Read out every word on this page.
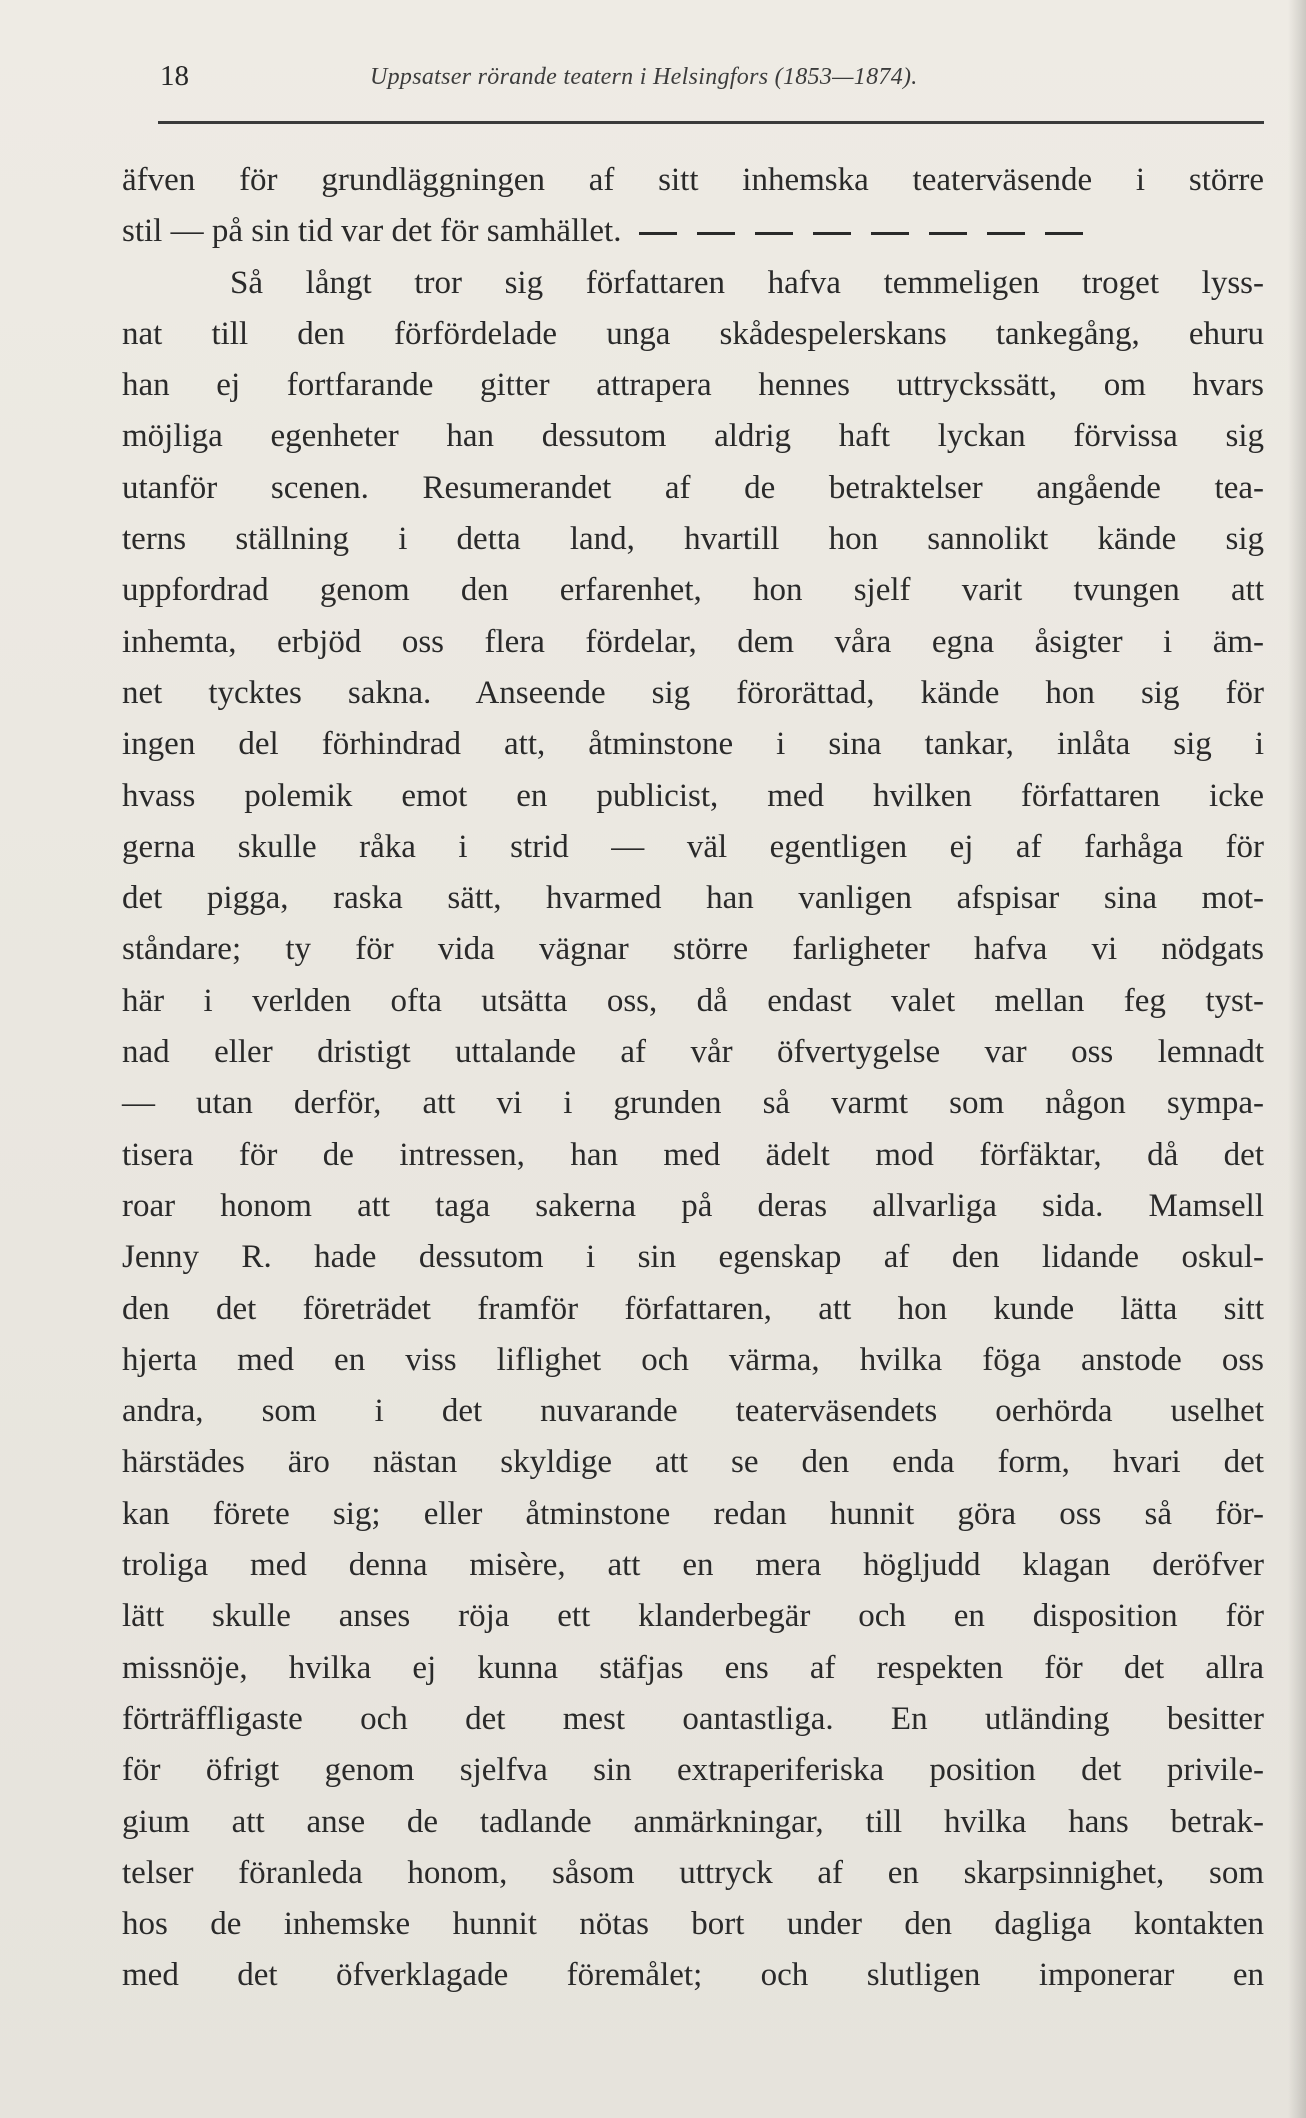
18	Uppsatser rörande teatern i Helsingfors (1853—1874).
äfven för grundläggningen af sitt inhemska teaterväsende i större
stil — på sin tid var det för samhället.
Så långt tror sig författaren hafva temmeligen troget lyss-
nat till den förfördelade unga skådespelerskans tankegång, ehuru
han ej fortfarande gitter attrapera hennes uttryckssätt, om hvars
möjliga egenheter han dessutom aldrig haft lyckan förvissa sig
utanför scenen. Resumerandet af de betraktelser angående tea-
terns ställning i detta land, hvartill hon sannolikt kände sig
uppfordrad genom den erfarenhet, hon sjelf varit tvungen att
inhemta, erbjöd oss flera fördelar, dem våra egna åsigter i äm-
net tycktes sakna. Anseende sig förorättad, kände hon sig för
ingen del förhindrad att, åtminstone i sina tankar, inlåta sig i
hvass polemik emot en publicist, med hvilken författaren icke
gerna skulle råka i strid — väl egentligen ej af farhåga för
det pigga, raska sätt, hvarmed han vanligen afspisar sina mot-
ståndare; ty för vida vägnar större farligheter hafva vi nödgats
här i verlden ofta utsätta oss, då endast valet mellan feg tyst-
nad eller dristigt uttalande af vår öfvertygelse var oss lemnadt
— utan derför, att vi i grunden så varmt som någon sympa-
tisera för de intressen, han med ädelt mod förfäktar, då det
roar honom att taga sakerna på deras allvarliga sida. Mamsell
Jenny R. hade dessutom i sin egenskap af den lidande oskul-
den det företrädet framför författaren, att hon kunde lätta sitt
hjerta med en viss liflighet och värma, hvilka föga anstode oss
andra, som i det nuvarande teaterväsendets oerhörda uselhet
härstädes äro nästan skyldige att se den enda form, hvari det
kan förete sig; eller åtminstone redan hunnit göra oss så för-
troliga med denna misère, att en mera högljudd klagan deröfver
lätt skulle anses röja ett klanderbegär och en disposition för
missnöje, hvilka ej kunna stäfjas ens af respekten för det allra
förträffligaste och det mest oantastliga. En utländing besitter
för öfrigt genom sjelfva sin extraperiferiska position det privile-
gium att anse de tadlande anmärkningar, till hvilka hans betrak-
telser föranleda honom, såsom uttryck af en skarpsinnighet, som
hos de inhemske hunnit nötas bort under den dagliga kontakten
med det öfverklagade föremålet; och slutligen imponerar en
